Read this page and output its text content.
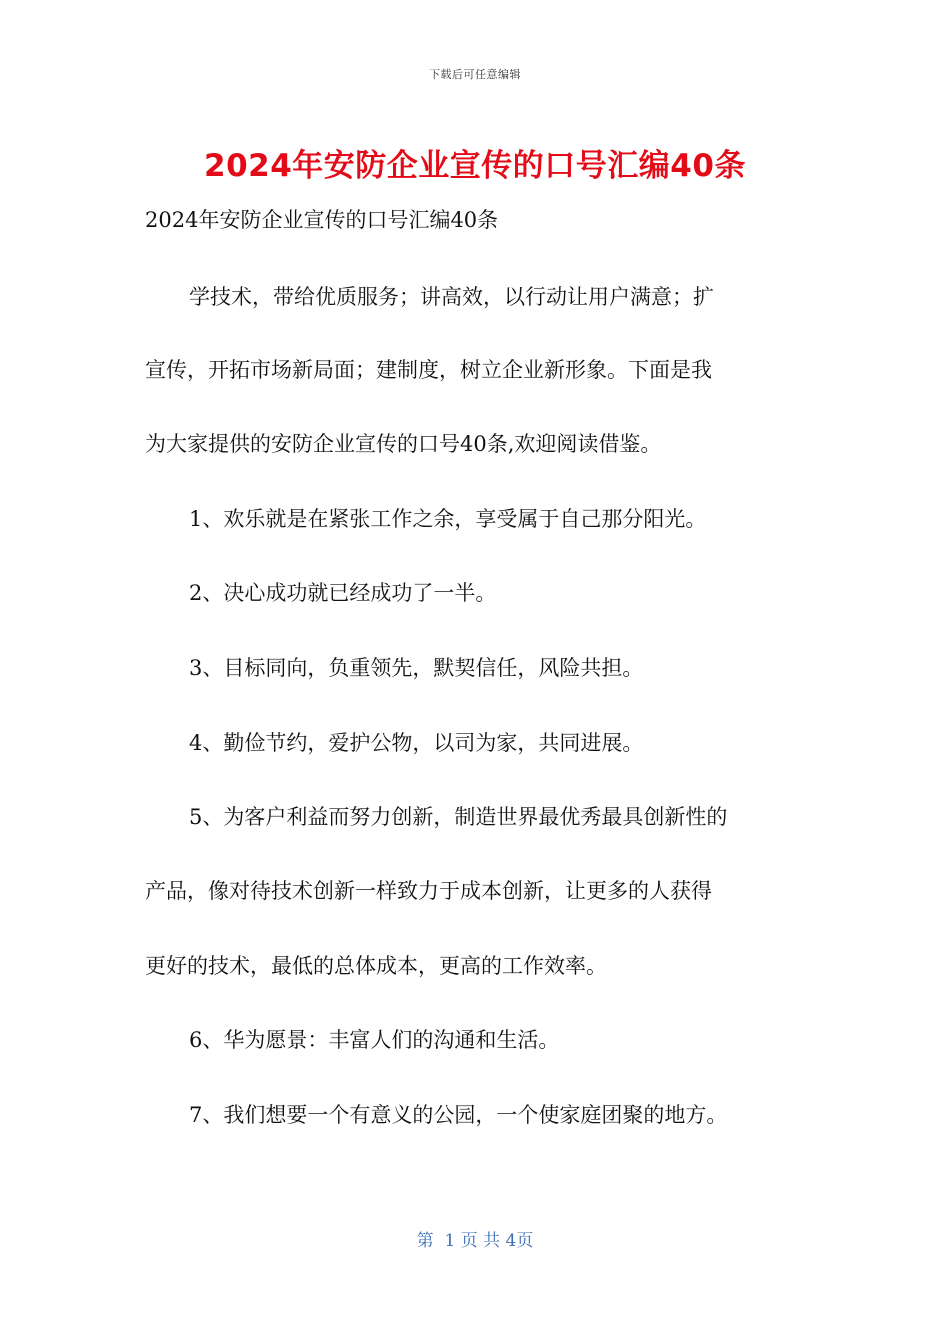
下载后可任意编辑
2024年安防企业宣传的口号汇编40条
2024年安防企业宣传的口号汇编40条
学技术，带给优质服务；讲高效，以行动让用户满意；扩
宣传，开拓市场新局面；建制度，树立企业新形象。下面是我
为大家提供的安防企业宣传的口号40条,欢迎阅读借鉴。
1、欢乐就是在紧张工作之余，享受属于自己那分阳光。
2、决心成功就已经成功了一半。
3、目标同向，负重领先，默契信任，风险共担。
4、勤俭节约，爱护公物，以司为家，共同进展。
5、为客户利益而努力创新，制造世界最优秀最具创新性的
产品，像对待技术创新一样致力于成本创新，让更多的人获得
更好的技术，最低的总体成本，更高的工作效率。
6、华为愿景：丰富人们的沟通和生活。
7、我们想要一个有意义的公园，一个使家庭团聚的地方。
第  1 页 共 4页
